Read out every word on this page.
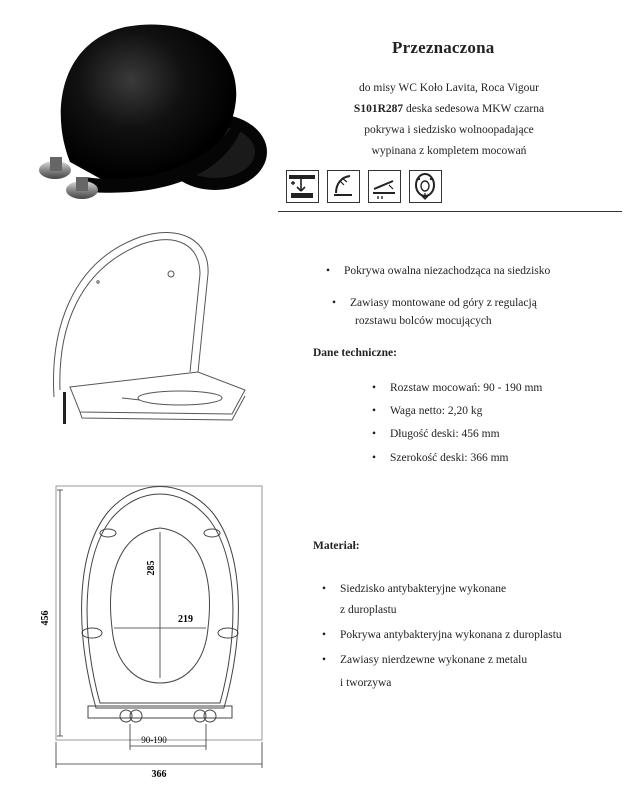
Przeznaczona
do misy WC Koło Lavita, Roca Vigour
S101R287 deska sedesowa MKW czarna
pokrywa i siedzisko wolnoopadające
wypinana z kompletem mocowań
• Pokrywa owalna niezachodząca na siedzisko
• Zawiasy montowane od góry z regulacją
rozstawu bolców mocujących
Dane techniczne:
• Rozstaw mocowań: 90 - 190 mm
• Waga netto: 2,20 kg
• Długość deski: 456 mm
• Szerokość deski: 366 mm
456
285
219
90-190
366
Materiał:
• Siedzisko antybakteryjne wykonane
z duroplastu
• Pokrywa antybakteryjna wykonana z duroplastu
• Zawiasy nierdzewne wykonane z metalu
i tworzywa
